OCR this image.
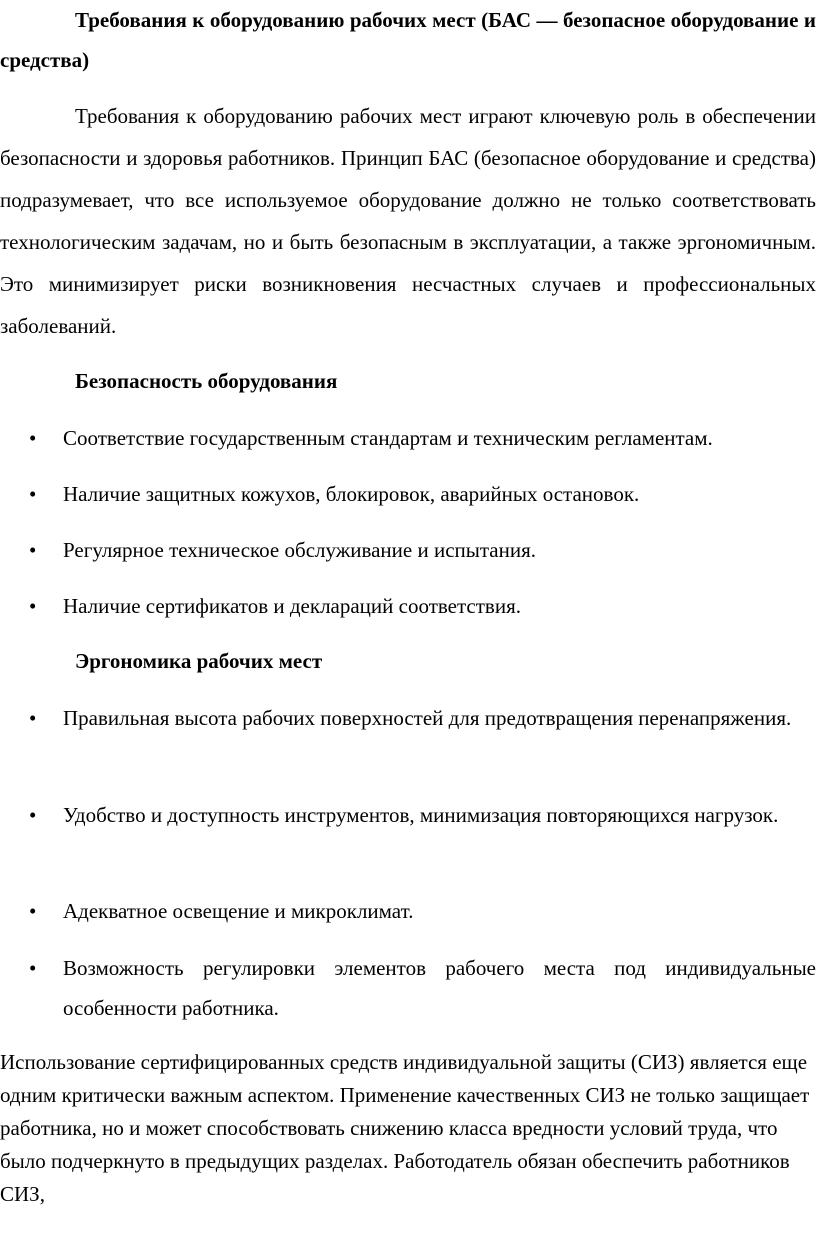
Требования к оборудованию рабочих мест (БАС — безопасное оборудование и средства)

Требования к оборудованию рабочих мест играют ключевую роль в обеспечении безопасности и здоровья работников. Принцип БАС (безопасное оборудование и средства) подразумевает, что все используемое оборудование должно не только соответствовать технологическим задачам, но и быть безопасным в эксплуатации, а также эргономичным. Это минимизирует риски возникновения несчастных случаев и профессиональных заболеваний.

Безопасность оборудования
• Соответствие государственным стандартам и техническим регламентам.
• Наличие защитных кожухов, блокировок, аварийных остановок.
• Регулярное техническое обслуживание и испытания.
• Наличие сертификатов и деклараций соответствия.
Эргономика рабочих мест
• Правильная высота рабочих поверхностей для предотвращения перенапряжения.
• Удобство и доступность инструментов, минимизация повторяющихся нагрузок.
• Адекватное освещение и микроклимат.
• Возможность регулировки элементов рабочего места под индивидуальные особенности работника.

Использование сертифицированных средств индивидуальной защиты (СИЗ) является еще одним критически важным аспектом. Применение качественных СИЗ не только защищает работника, но и может способствовать снижению класса вредности условий труда, что было подчеркнуто в предыдущих разделах. Работодатель обязан обеспечить работников СИЗ,
